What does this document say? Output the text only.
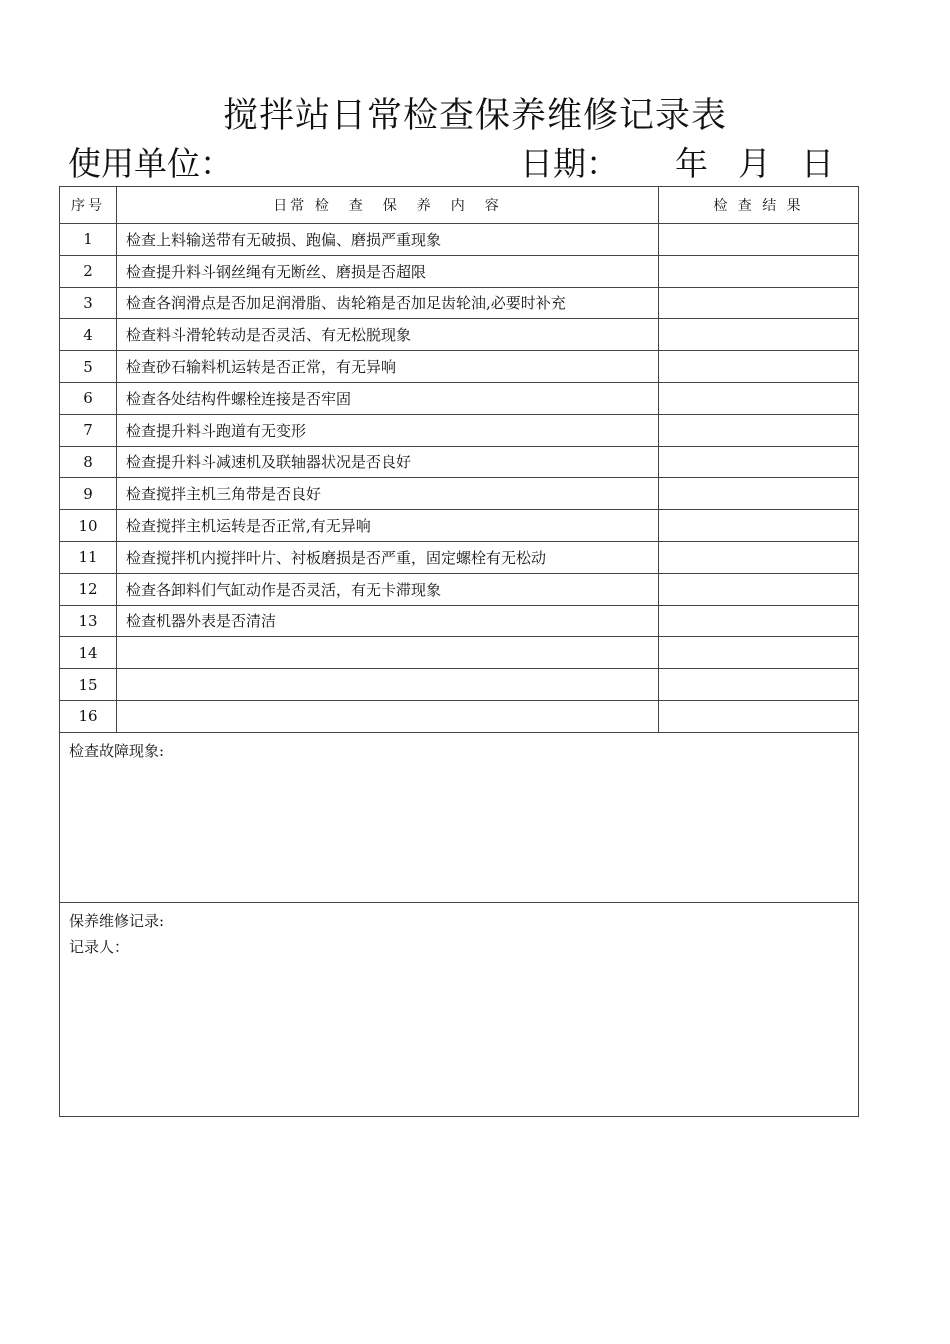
搅拌站日常检查保养维修记录表
使用单位：	日期： 年 月 日
序号	日常 检　查　保　养　内　容	检 查 结 果
1	检查上料输送带有无破损、跑偏、磨损严重现象	
2	检查提升料斗钢丝绳有无断丝、磨损是否超限	
3	检查各润滑点是否加足润滑脂、齿轮箱是否加足齿轮油,必要时补充	
4	检查料斗滑轮转动是否灵活、有无松脱现象	
5	检查砂石输料机运转是否正常，有无异响	
6	检查各处结构件螺栓连接是否牢固	
7	检查提升料斗跑道有无变形	
8	检查提升料斗减速机及联轴器状况是否良好	
9	检查搅拌主机三角带是否良好	
10	检查搅拌主机运转是否正常,有无异响	
11	检查搅拌机内搅拌叶片、衬板磨损是否严重，固定螺栓有无松动	
12	检查各卸料们气缸动作是否灵活，有无卡滞现象	
13	检查机器外表是否清洁	
14		
15		
16		

检查故障现象:		

保养维修记录:
记录人：		
